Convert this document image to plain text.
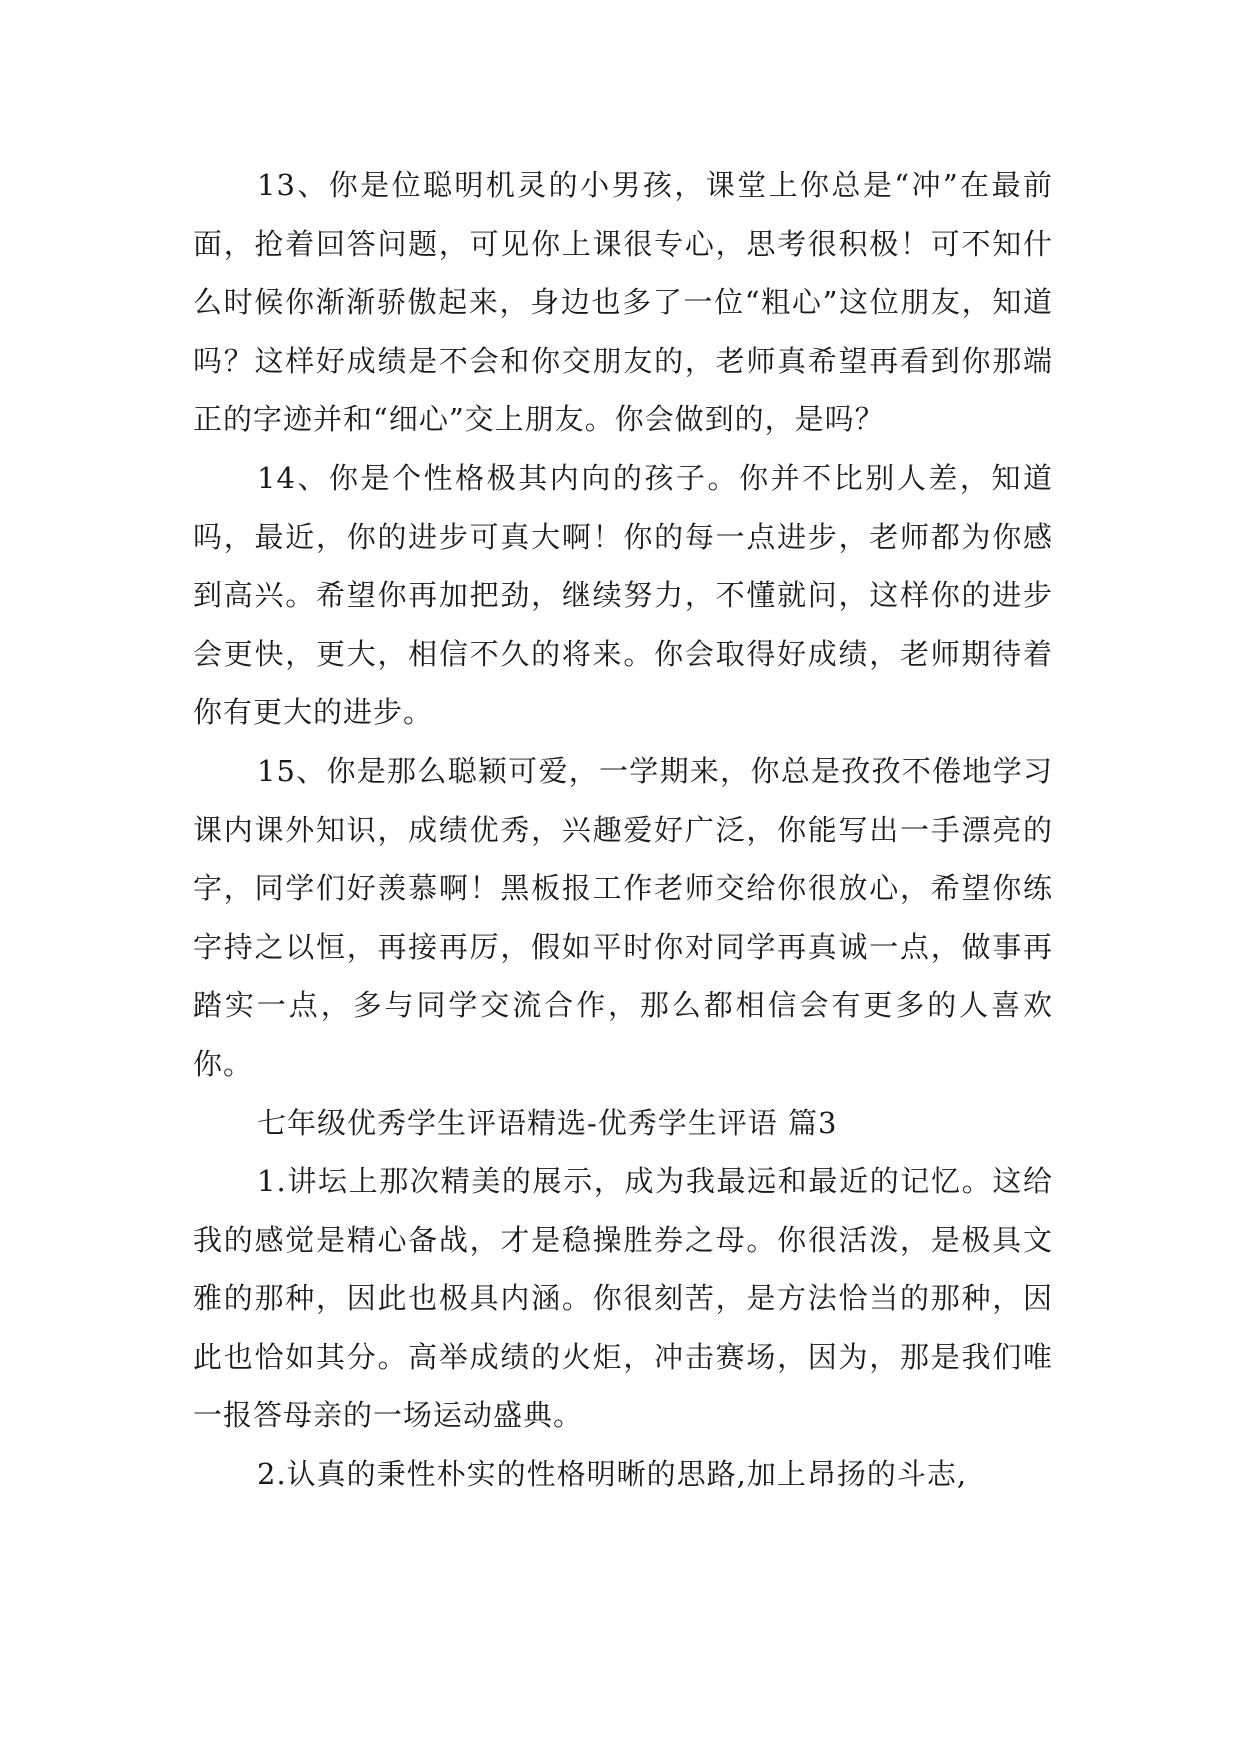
13、你是位聪明机灵的小男孩，课堂上你总是“冲”在最前面，抢着回答问题，可见你上课很专心，思考很积极！可不知什么时候你渐渐骄傲起来，身边也多了一位“粗心”这位朋友，知道吗？这样好成绩是不会和你交朋友的，老师真希望再看到你那端正的字迹并和“细心”交上朋友。你会做到的，是吗？

14、你是个性格极其内向的孩子。你并不比别人差，知道吗，最近，你的进步可真大啊！你的每一点进步，老师都为你感到高兴。希望你再加把劲，继续努力，不懂就问，这样你的进步会更快，更大，相信不久的将来。你会取得好成绩，老师期待着你有更大的进步。

15、你是那么聪颖可爱，一学期来，你总是孜孜不倦地学习课内课外知识，成绩优秀，兴趣爱好广泛，你能写出一手漂亮的字，同学们好羡慕啊！黑板报工作老师交给你很放心，希望你练字持之以恒，再接再厉，假如平时你对同学再真诚一点，做事再踏实一点，多与同学交流合作，那么都相信会有更多的人喜欢你。

七年级优秀学生评语精选-优秀学生评语 篇3

1.讲坛上那次精美的展示，成为我最远和最近的记忆。这给我的感觉是精心备战，才是稳操胜券之母。你很活泼，是极具文雅的那种，因此也极具内涵。你很刻苦，是方法恰当的那种，因此也恰如其分。高举成绩的火炬，冲击赛场，因为，那是我们唯一报答母亲的一场运动盛典。

2.认真的秉性朴实的性格明晰的思路,加上昂扬的斗志,
